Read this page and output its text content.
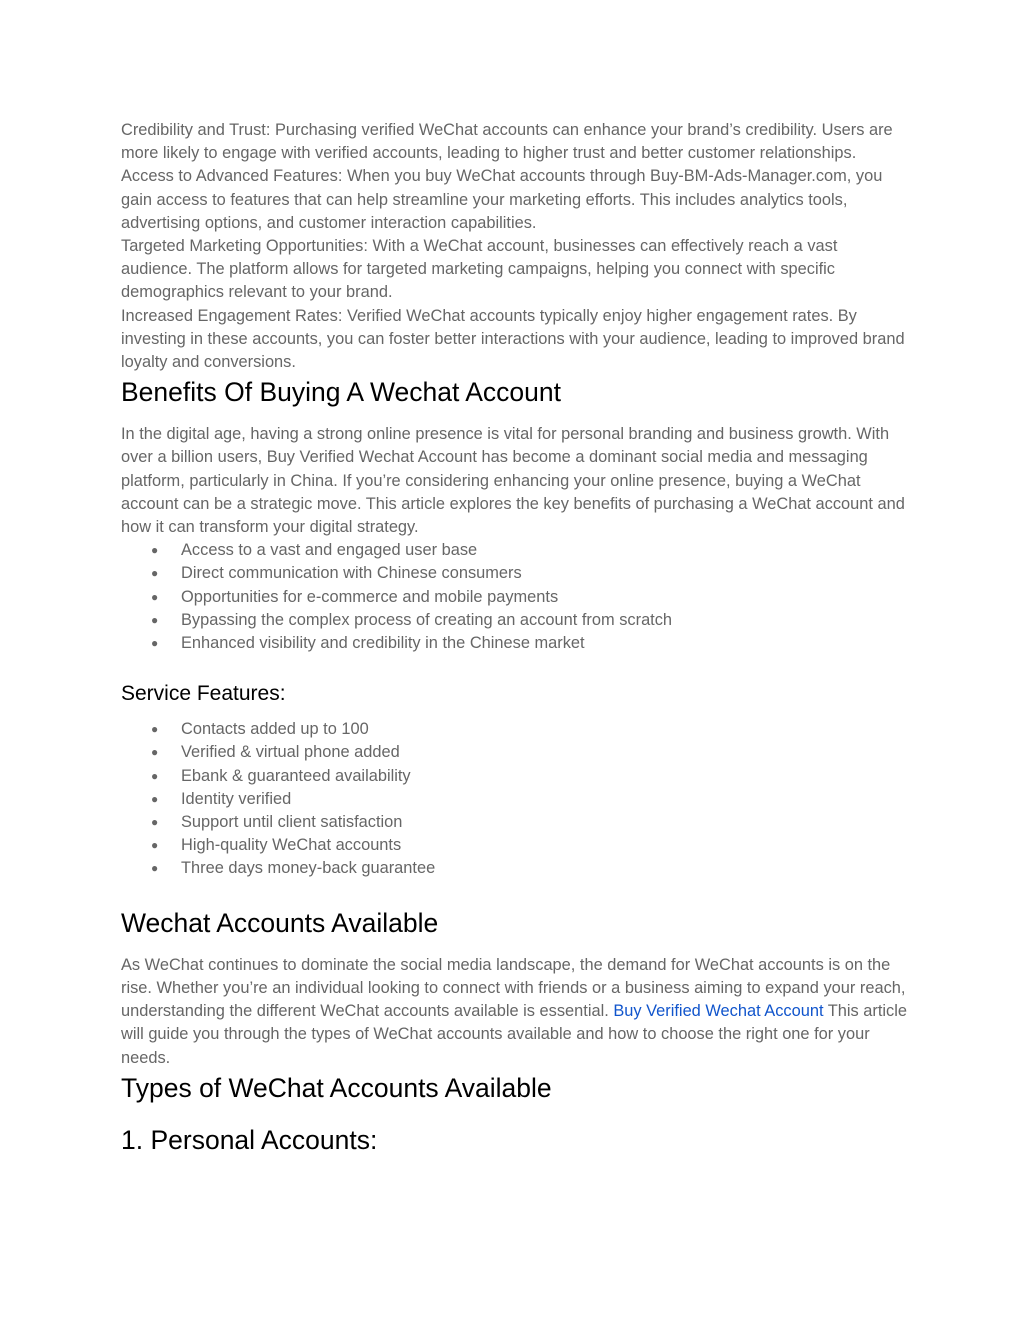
Credibility and Trust: Purchasing verified WeChat accounts can enhance your brand’s credibility. Users are more likely to engage with verified accounts, leading to higher trust and better customer relationships.

Access to Advanced Features: When you buy WeChat accounts through Buy-BM-Ads-Manager.com, you gain access to features that can help streamline your marketing efforts. This includes analytics tools, advertising options, and customer interaction capabilities.

Targeted Marketing Opportunities: With a WeChat account, businesses can effectively reach a vast audience. The platform allows for targeted marketing campaigns, helping you connect with specific demographics relevant to your brand.

Increased Engagement Rates: Verified WeChat accounts typically enjoy higher engagement rates. By investing in these accounts, you can foster better interactions with your audience, leading to improved brand loyalty and conversions.

Benefits Of Buying A Wechat Account

In the digital age, having a strong online presence is vital for personal branding and business growth. With over a billion users, Buy Verified Wechat Account has become a dominant social media and messaging platform, particularly in China. If you’re considering enhancing your online presence, buying a WeChat account can be a strategic move. This article explores the key benefits of purchasing a WeChat account and how it can transform your digital strategy.

● Access to a vast and engaged user base
● Direct communication with Chinese consumers
● Opportunities for e-commerce and mobile payments
● Bypassing the complex process of creating an account from scratch
● Enhanced visibility and credibility in the Chinese market
Service Features:
● Contacts added up to 100
● Verified & virtual phone added
● Ebank & guaranteed availability
● Identity verified
● Support until client satisfaction
● High-quality WeChat accounts
● Three days money-back guarantee
Wechat Accounts Available

As WeChat continues to dominate the social media landscape, the demand for WeChat accounts is on the rise. Whether you’re an individual looking to connect with friends or a business aiming to expand your reach, understanding the different WeChat accounts available is essential. Buy Verified Wechat Account This article will guide you through the types of WeChat accounts available and how to choose the right one for your needs.

Types of WeChat Accounts Available
1. Personal Accounts:
